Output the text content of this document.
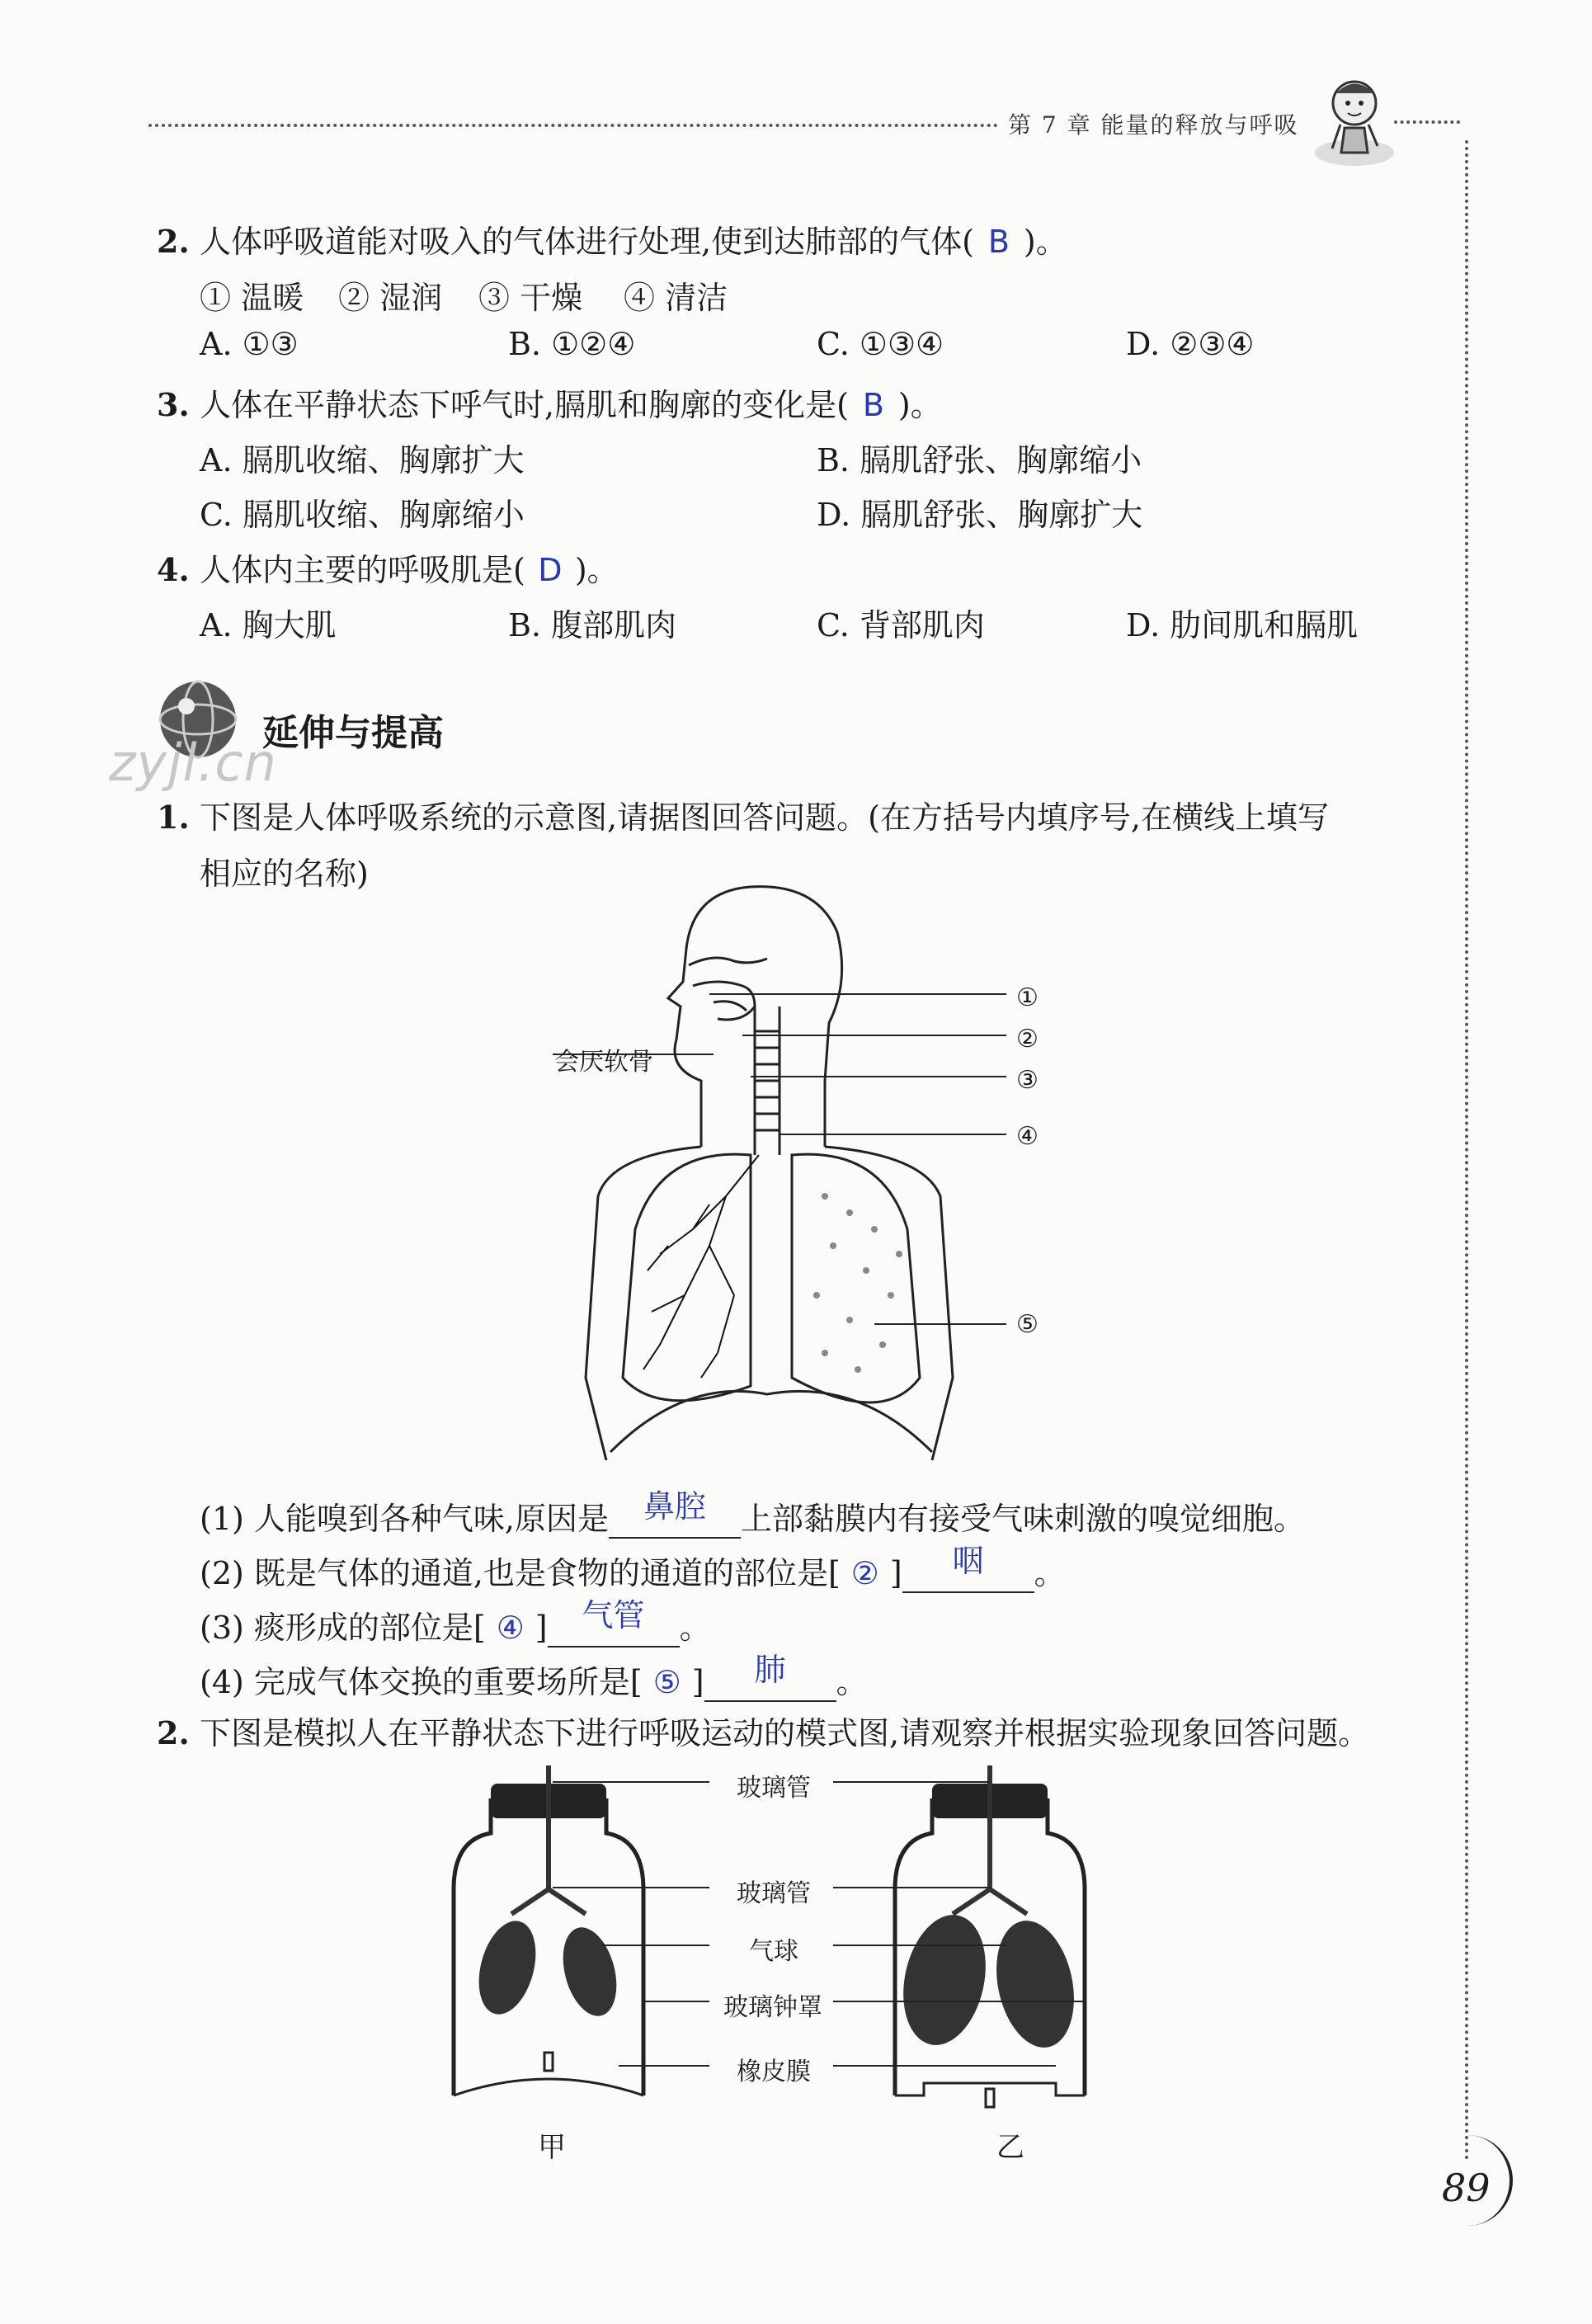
第 7 章 能量的释放与呼吸
2. 人体呼吸道能对吸入的气体进行处理,使到达肺部的气体( B )。
① 温暖 ② 湿润 ③ 干燥 ④ 清洁
A. ①③	B. ①②④	C. ①③④	D. ②③④
3. 人体在平静状态下呼气时,膈肌和胸廓的变化是( B )。
A. 膈肌收缩、胸廓扩大	B. 膈肌舒张、胸廓缩小
C. 膈肌收缩、胸廓缩小	D. 膈肌舒张、胸廓扩大
4. 人体内主要的呼吸肌是( D )。
A. 胸大肌	B. 腹部肌肉	C. 背部肌肉	D. 肋间肌和膈肌
延伸与提高
zyjl.cn
1. 下图是人体呼吸系统的示意图,请据图回答问题。(在方括号内填序号,在横线上填写
相应的名称)
①
②
③
④
⑤
会厌软骨
(1) 人能嗅到各种气味,原因是	鼻腔	上部黏膜内有接受气味刺激的嗅觉细胞。
(2) 既是气体的通道,也是食物的通道的部位是[ ② ]	咽	。
(3) 痰形成的部位是[ ④ ]	气管	。
(4) 完成气体交换的重要场所是[ ⑤ ]	肺	。
2. 下图是模拟人在平静状态下进行呼吸运动的模式图,请观察并根据实验现象回答问题。
玻璃管
玻璃管
气球
玻璃钟罩
橡皮膜
甲	乙
89
